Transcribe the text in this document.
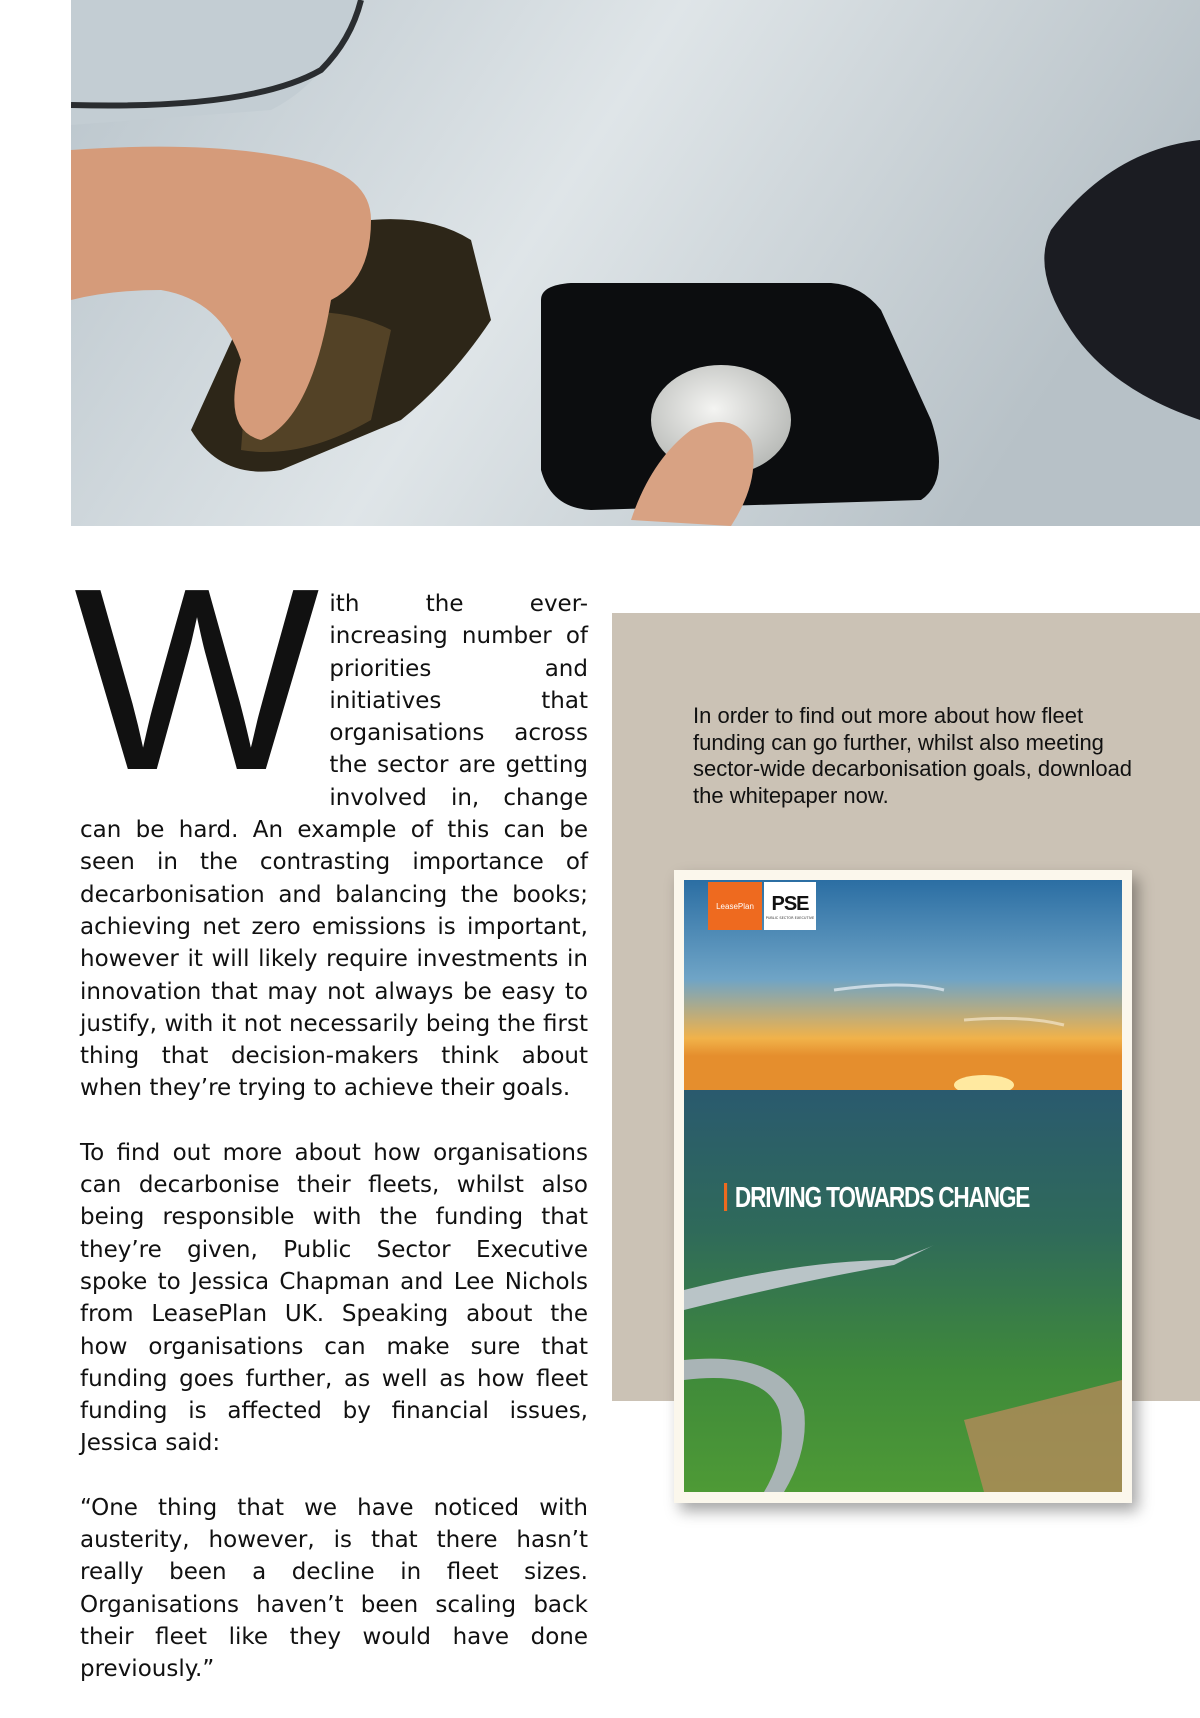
With the ever-increasing number of priorities and initiatives that organisations across the sector are getting involved in, change can be hard. An example of this can be seen in the contrasting importance of decarbonisation and balancing the books; achieving net zero emissions is important, however it will likely require investments in innovation that may not always be easy to justify, with it not necessarily being the first thing that decision-makers think about when they’re trying to achieve their goals.

To find out more about how organisations can decarbonise their fleets, whilst also being responsible with the funding that they’re given, Public Sector Executive spoke to Jessica Chapman and Lee Nichols from LeasePlan UK. Speaking about the how organisations can make sure that funding goes further, as well as how fleet funding is affected by financial issues, Jessica said:

“One thing that we have noticed with austerity, however, is that there hasn’t really been a decline in fleet sizes. Organisations haven’t been scaling back their fleet like they would have done previously.”

In order to find out more about how fleet funding can go further, whilst also meeting sector-wide decarbonisation goals, download the whitepaper now.
LeasePlan PSE
PUBLIC SECTOR EXECUTIVE
DRIVING TOWARDS CHANGE
